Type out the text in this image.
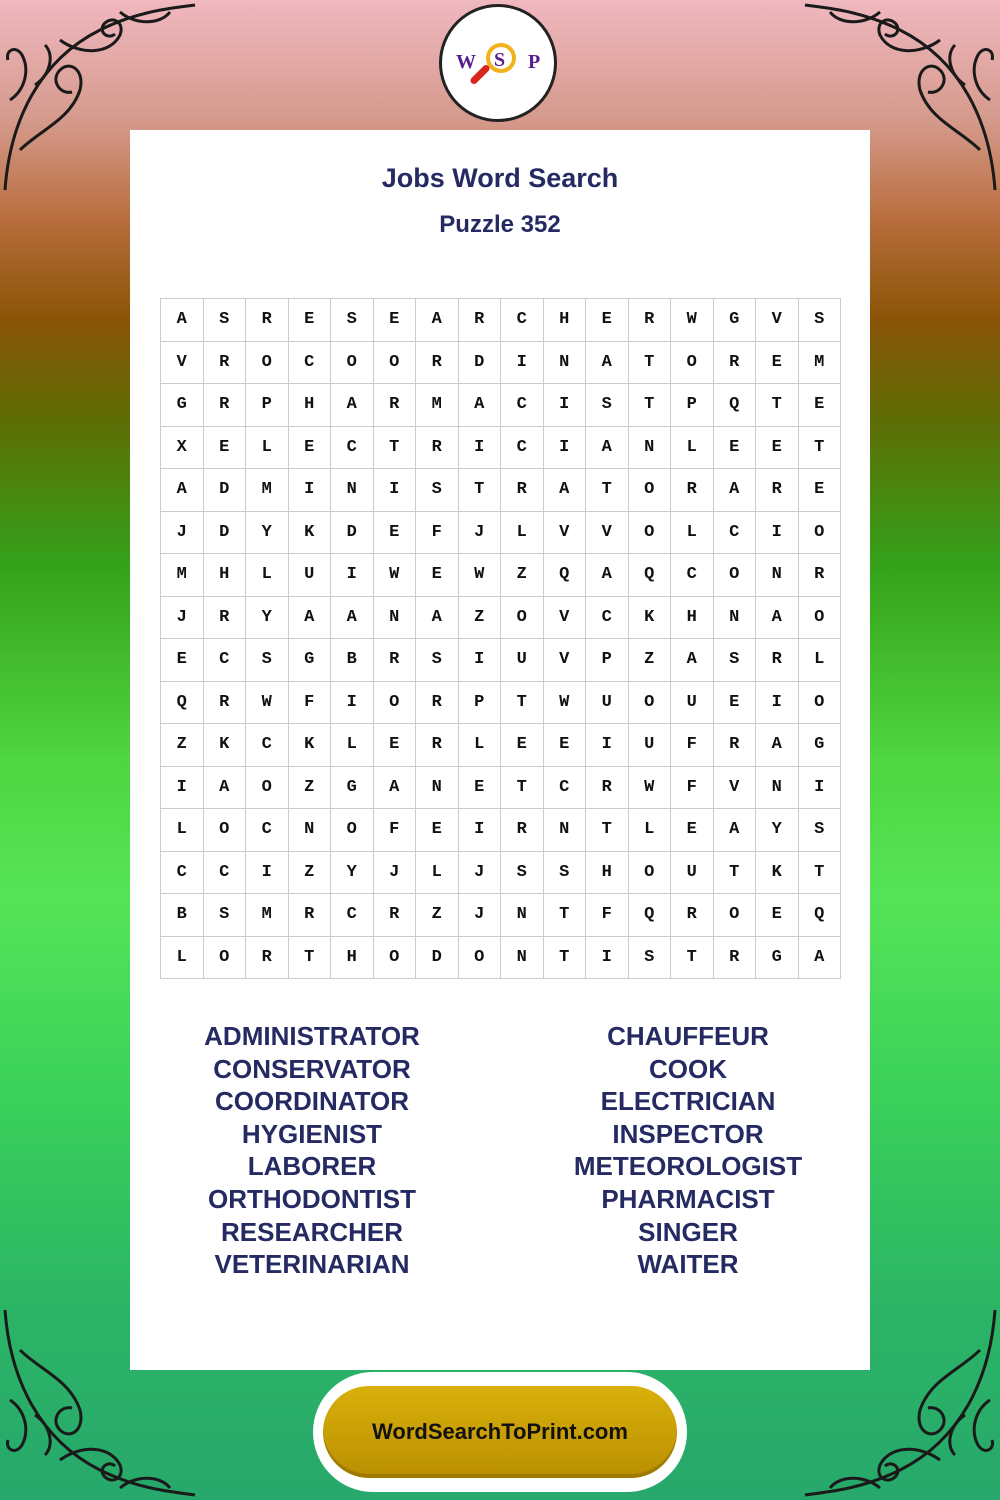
W S P
Jobs Word Search
Puzzle 352
A	S	R	E	S	E	A	R	C	H	E	R	W	G	V	S
V	R	O	C	O	O	R	D	I	N	A	T	O	R	E	M
G	R	P	H	A	R	M	A	C	I	S	T	P	Q	T	E
X	E	L	E	C	T	R	I	C	I	A	N	L	E	E	T
A	D	M	I	N	I	S	T	R	A	T	O	R	A	R	E
J	D	Y	K	D	E	F	J	L	V	V	O	L	C	I	O
M	H	L	U	I	W	E	W	Z	Q	A	Q	C	O	N	R
J	R	Y	A	A	N	A	Z	O	V	C	K	H	N	A	O
E	C	S	G	B	R	S	I	U	V	P	Z	A	S	R	L
Q	R	W	F	I	O	R	P	T	W	U	O	U	E	I	O
Z	K	C	K	L	E	R	L	E	E	I	U	F	R	A	G
I	A	O	Z	G	A	N	E	T	C	R	W	F	V	N	I
L	O	C	N	O	F	E	I	R	N	T	L	E	A	Y	S
C	C	I	Z	Y	J	L	J	S	S	H	O	U	T	K	T
B	S	M	R	C	R	Z	J	N	T	F	Q	R	O	E	Q
L	O	R	T	H	O	D	O	N	T	I	S	T	R	G	A
ADMINISTRATOR
CONSERVATOR
COORDINATOR
HYGIENIST
LABORER
ORTHODONTIST
RESEARCHER
VETERINARIAN
CHAUFFEUR
COOK
ELECTRICIAN
INSPECTOR
METEOROLOGIST
PHARMACIST
SINGER
WAITER
WordSearchToPrint.com
